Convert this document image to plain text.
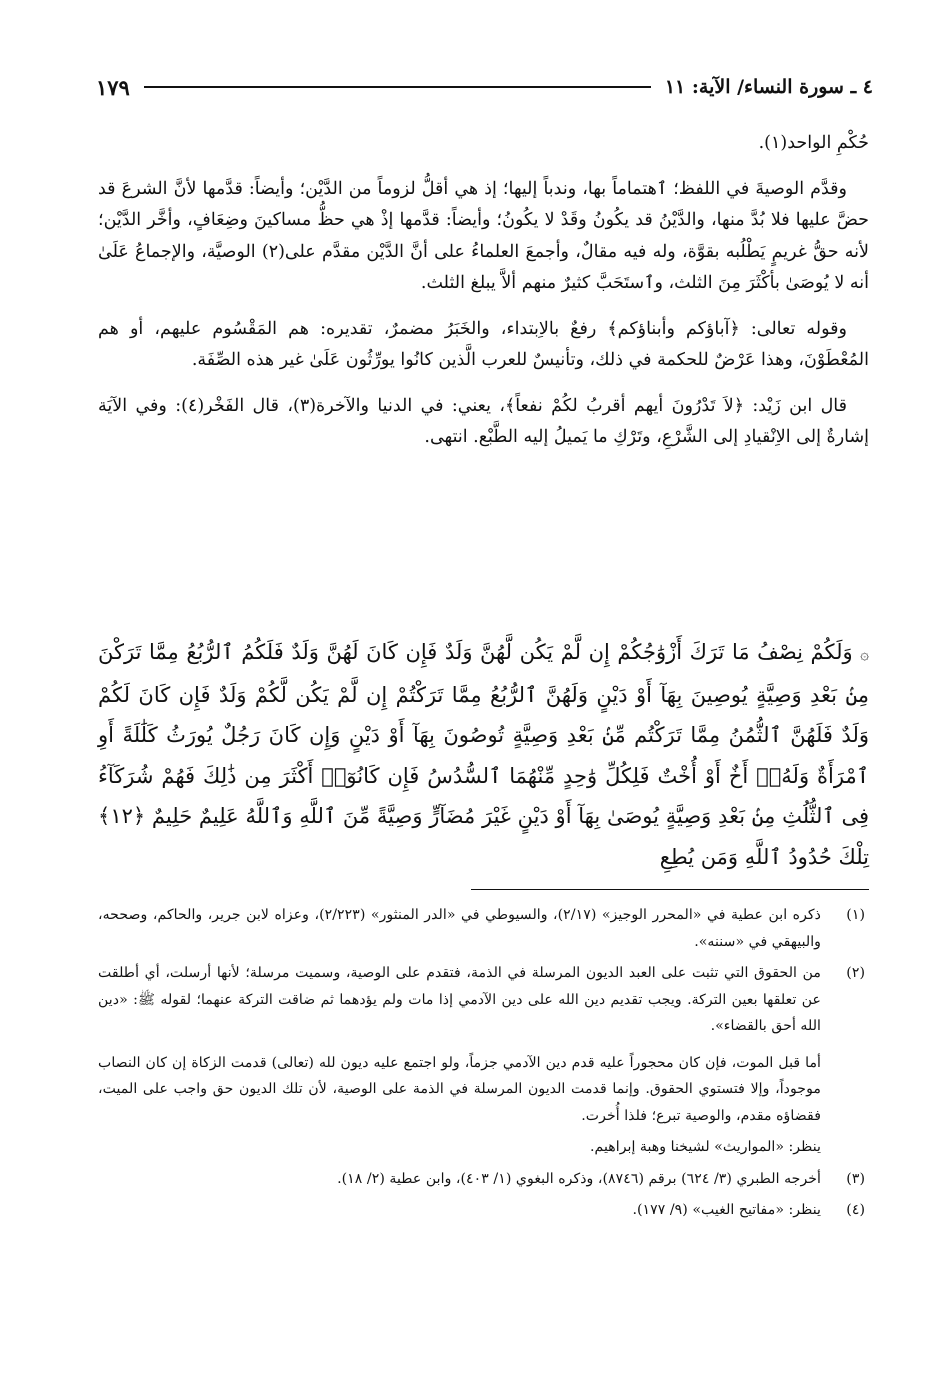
٤ ـ سورة النساء/ الآية: ١١
١٧٩

حُكْمِ الواحد(١).

وقدَّم الوصيةَ في اللفظ؛ ٱهتماماً بها، وندباً إليها؛ إذ هي أقلُّ لزوماً من الدَّيْن؛ وأيضاً: قدَّمها لأنَّ الشرعَ قد حضَّ عليها فلا بُدَّ منها، والدَّيْنُ قد يكُونُ وقَدْ لا يكُونُ؛ وأيضاً: قدَّمها إذْ هي حظُّ مساكينَ وضِعَافٍ، وأخَّر الدَّيْن؛ لأنه حقُّ غريمٍ يَطْلُبه بقوَّة، وله فيه مقالٌ، وأجمعَ العلماءُ على أنَّ الدَّيْن مقدَّم على(٢) الوصيَّة، والإجماعُ عَلَىٰ أنه لا يُوصَىٰ بأكْثَرَ مِنَ الثلث، وٱستَحَبَّ كثيرٌ منهم ألاَّ يبلغ الثلث.

وقوله تعالى: ﴿آباؤكم وأبناؤكم﴾ رفعٌ بالاِبتداء، والخَبَرُ مضمرٌ، تقديره: هم المَقْسُوم عليهم، أو هم المُعْطَوْنَ، وهذا عَرْضٌ للحكمة في ذلك، وتأنيسٌ للعرب الَّذين كانُوا يورِّثُون عَلَىٰ غير هذه الصِّفَة.

قال ابن زَيْد: ﴿لاَ تَدْرُونَ أيهم أقربُ لكُمْ نفعاً﴾، يعني: في الدنيا والآخرة(٣)، قال الفَخْر(٤): وفي الآيَة إشارةٌ إلى الاِنْقيادِ إلى الشَّرْعِ، وتَرْكِ ما يَميلُ إليه الطَّبْع. انتهى.

۞ وَلَكُمْ نِصْفُ مَا تَرَكَ أَزْوَٰجُكُمْ إِن لَّمْ يَكُن لَّهُنَّ وَلَدٌ فَإِن كَانَ لَهُنَّ وَلَدٌ فَلَكُمُ ٱلرُّبُعُ مِمَّا تَرَكْنَ مِنۢ بَعْدِ وَصِيَّةٍ يُوصِينَ بِهَآ أَوْ دَيْنٍ وَلَهُنَّ ٱلرُّبُعُ مِمَّا تَرَكْتُمْ إِن لَّمْ يَكُن لَّكُمْ وَلَدٌ فَإِن كَانَ لَكُمْ وَلَدٌ فَلَهُنَّ ٱلثُّمُنُ مِمَّا تَرَكْتُم مِّنۢ بَعْدِ وَصِيَّةٍ تُوصُونَ بِهَآ أَوْ دَيْنٍ وَإِن كَانَ رَجُلٌ يُورَثُ كَلَٰلَةً أَوِ ٱمْرَأَةٌ وَلَهُۥٓ أَخٌ أَوْ أُخْتٌ فَلِكُلِّ وَٰحِدٍ مِّنْهُمَا ٱلسُّدُسُ فَإِن كَانُوٓا۟ أَكْثَرَ مِن ذَٰلِكَ فَهُمْ شُرَكَآءُ فِى ٱلثُّلُثِ مِنۢ بَعْدِ وَصِيَّةٍ يُوصَىٰ بِهَآ أَوْ دَيْنٍ غَيْرَ مُضَآرٍّ وَصِيَّةً مِّنَ ٱللَّهِ وَٱللَّهُ عَلِيمٌ حَلِيمٌ ﴿١٢﴾ تِلْكَ حُدُودُ ٱللَّهِ وَمَن يُطِعِ
(١)
ذكره ابن عطية في «المحرر الوجيز» (٢/١٧)، والسيوطي في «الدر المنثور» (٢/٢٢٣)، وعزاه لابن جرير، والحاكم، وصححه، والبيهقي في «سننه».
(٢)

من الحقوق التي تثبت على العبد الديون المرسلة في الذمة، فتقدم على الوصية، وسميت مرسلة؛ لأنها أرسلت، أي أطلقت عن تعلقها بعين التركة. ويجب تقديم دين الله على دين الآدمي إذا مات ولم يؤدهما ثم ضاقت التركة عنهما؛ لقوله ﷺ: «دين الله أحق بالقضاء».

أما قبل الموت، فإن كان محجوراً عليه قدم دين الآدمي جزماً، ولو اجتمع عليه ديون لله (تعالى) قدمت الزكاة إن كان النصاب موجوداً، وإلا فتستوي الحقوق. وإنما قدمت الديون المرسلة في الذمة على الوصية، لأن تلك الديون حق واجب على الميت، فقضاؤه مقدم، والوصية تبرع؛ فلذا أُخرت.
ينظر: «المواريث» لشيخنا وهبة إبراهيم.
(٣)
أخرجه الطبري (٣/ ٦٢٤) برقم (٨٧٤٦)، وذكره البغوي (١/ ٤٠٣)، وابن عطية (٢/ ١٨).
(٤)
ينظر: «مفاتيح الغيب» (٩/ ١٧٧).
